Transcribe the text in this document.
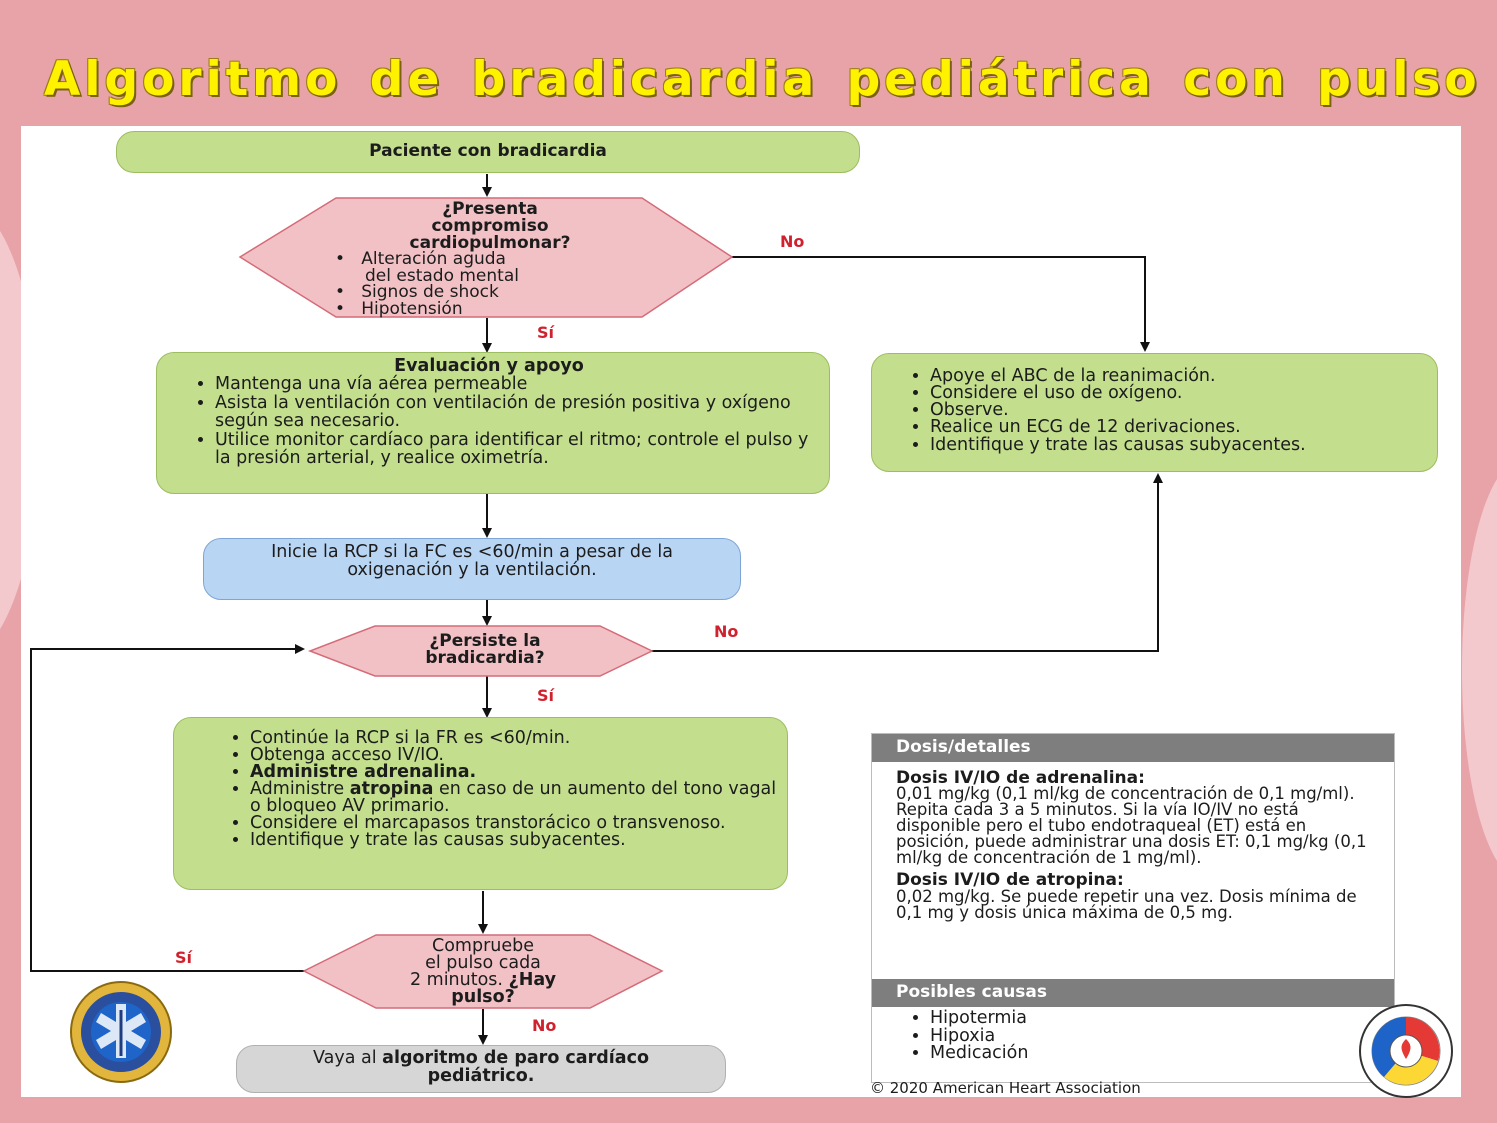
Algoritmo de bradicardia pediátrica con pulso
Paciente con bradicardia
¿Presenta
compromiso
cardiopulmonar?
•   Alteración aguda
del estado mental
•   Signos de shock
•   Hipotensión
No
Sí
Evaluación y apoyo
• Mantenga una vía aérea permeable
• Asista la ventilación con ventilación de presión positiva y oxígeno según sea necesario.
• Utilice monitor cardíaco para identificar el ritmo; controle el pulso y la presión arterial, y realice oximetría.
• Apoye el ABC de la reanimación.
• Considere el uso de oxígeno.
• Observe.
• Realice un ECG de 12 derivaciones.
• Identifique y trate las causas subyacentes.
Inicie la RCP si la FC es <60/min a pesar de la oxigenación y la ventilación.
¿Persiste la
bradicardia?
No
Sí
• Continúe la RCP si la FR es <60/min.
• Obtenga acceso IV/IO.
• Administre adrenalina.
• Administre atropina en caso de un aumento del tono vagal o bloqueo AV primario.
• Considere el marcapasos transtorácico o transvenoso.
• Identifique y trate las causas subyacentes.
Compruebe
el pulso cada
2 minutos. ¿Hay
pulso?
Sí
No
Vaya al algoritmo de paro cardíaco pediátrico.
Dosis/detalles

Dosis IV/IO de adrenalina:
0,01 mg/kg (0,1 ml/kg de concentración de 0,1 mg/ml). Repita cada 3 a 5 minutos. Si la vía IO/IV no está disponible pero el tubo endotraqueal (ET) está en posición, puede administrar una dosis ET: 0,1 mg/kg (0,1 ml/kg de concentración de 1 mg/ml).

Dosis IV/IO de atropina:
0,02 mg/kg. Se puede repetir una vez. Dosis mínima de 0,1 mg y dosis única máxima de 0,5 mg.

Posibles causas
• Hipotermia
• Hipoxia
• Medicación
© 2020 American Heart Association
